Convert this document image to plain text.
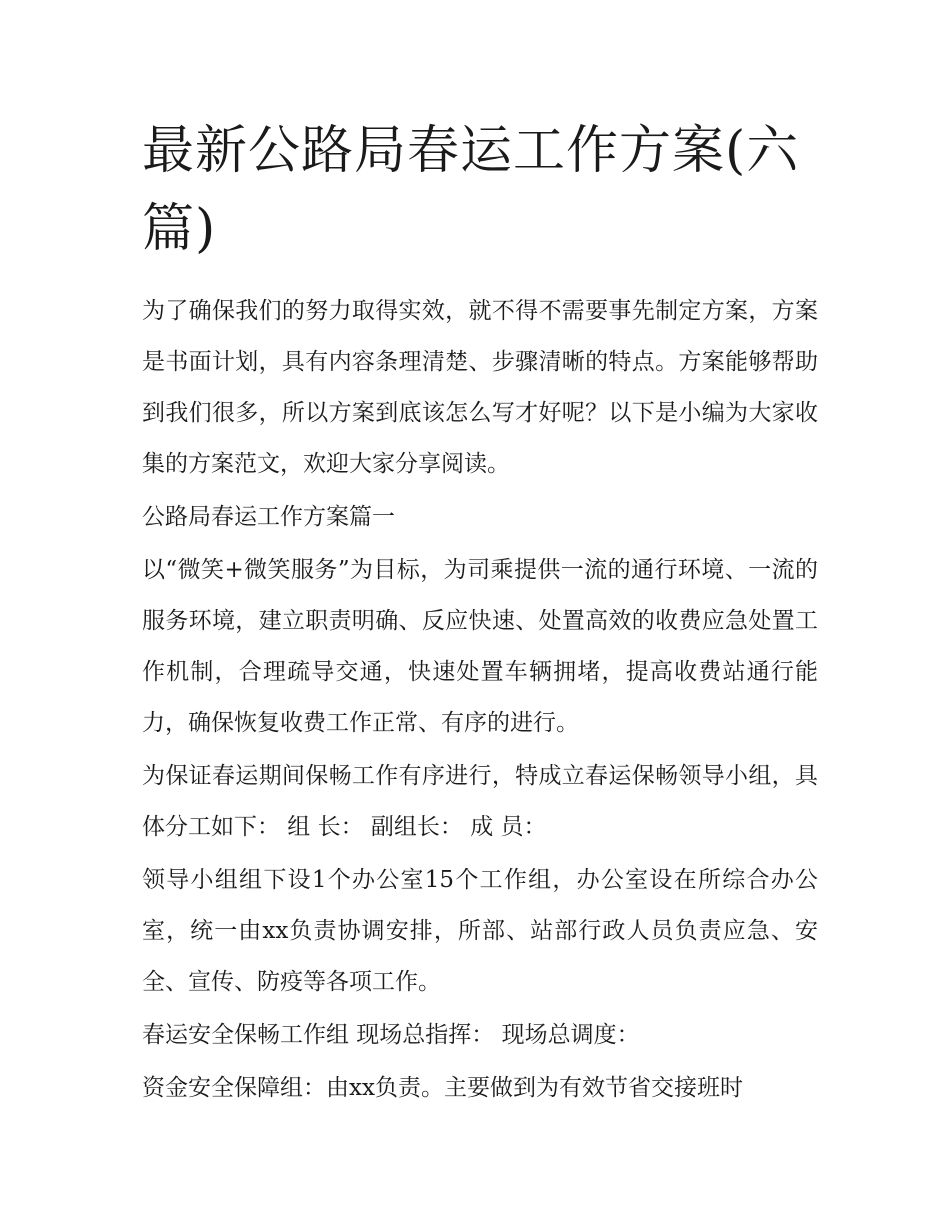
最新公路局春运工作方案(六篇)

为了确保我们的努力取得实效，就不得不需要事先制定方案，方案是书面计划，具有内容条理清楚、步骤清晰的特点。方案能够帮助到我们很多，所以方案到底该怎么写才好呢？以下是小编为大家收集的方案范文，欢迎大家分享阅读。

公路局春运工作方案篇一

以“微笑+微笑服务”为目标，为司乘提供一流的通行环境、一流的服务环境，建立职责明确、反应快速、处置高效的收费应急处置工作机制，合理疏导交通，快速处置车辆拥堵，提高收费站通行能力，确保恢复收费工作正常、有序的进行。

为保证春运期间保畅工作有序进行，特成立春运保畅领导小组，具体分工如下： 组 长： 副组长： 成 员：

领导小组组下设1个办公室15个工作组，办公室设在所综合办公室，统一由xx负责协调安排，所部、站部行政人员负责应急、安全、宣传、防疫等各项工作。

春运安全保畅工作组 现场总指挥： 现场总调度：

资金安全保障组：由xx负责。主要做到为有效节省交接班时
